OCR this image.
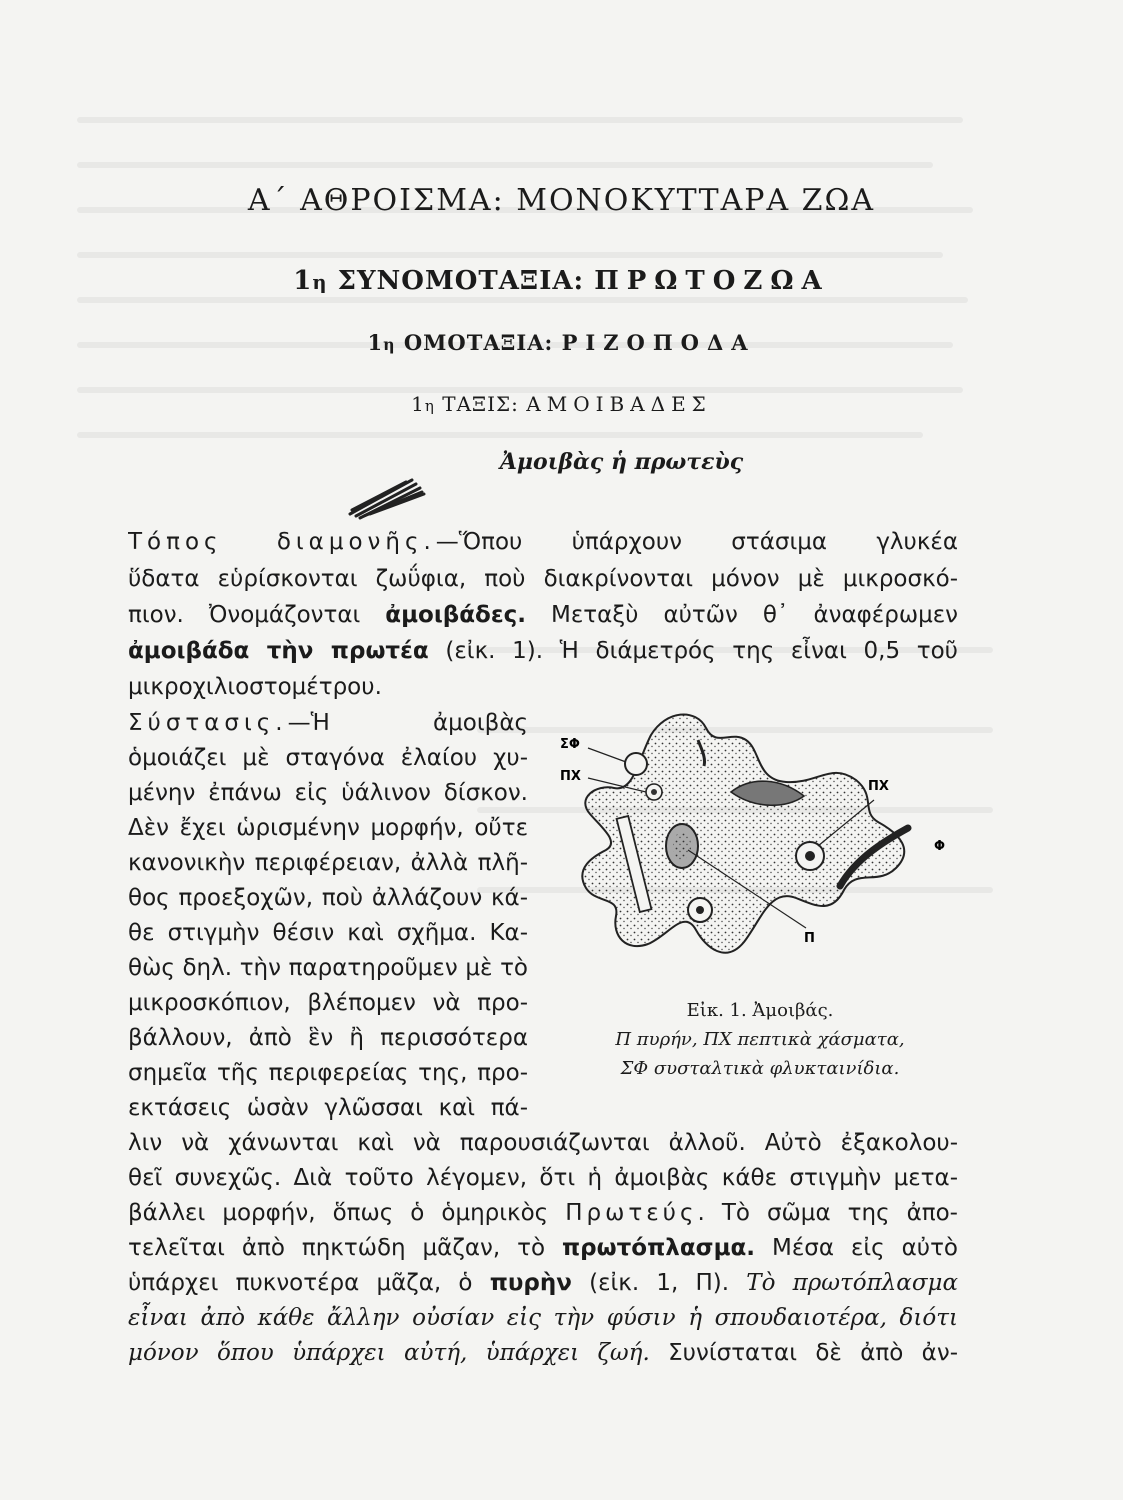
Α΄ ΑΘΡΟΙΣΜΑ: ΜΟΝΟΚΥΤΤΑΡΑ ΖΩΑ
1η ΣΥΝΟΜΟΤΑΞΙΑ: ΠΡΩΤΟΖΩΑ
1η ΟΜΟΤΑΞΙΑ: ΡΙΖΟΠΟΔΑ
1η ΤΑΞΙΣ: ΑΜΟΙΒΑΔΕΣ
Ἀμοιβὰς ἡ πρωτεὺς
Τόπος διαμονῆς.—Ὅπου ὑπάρχουν στάσιμα γλυκέα
ὕδατα εὑρίσκονται ζωΰφια, ποὺ διακρίνονται μόνον μὲ μικροσκό-
πιον. Ὀνομάζονται ἀμοιβάδες. Μεταξὺ αὐτῶν θ᾽ ἀναφέρωμεν
ἀμοιβάδα τὴν πρωτέα (εἰκ. 1). Ἡ διάμετρός της εἶναι 0,5 τοῦ
μικροχιλιοστομέτρου.
Σύστασις.—Ἡ ἀμοιβὰς
ὁμοιάζει μὲ σταγόνα ἐλαίου χυ-
μένην ἐπάνω εἰς ὑάλινον δίσκον.
Δὲν ἔχει ὡρισμένην μορφήν, οὔτε
κανονικὴν περιφέρειαν, ἀλλὰ πλῆ-
θος προεξοχῶν, ποὺ ἀλλάζουν κά-
θε στιγμὴν θέσιν καὶ σχῆμα. Κα-
θὼς δηλ. τὴν παρατηροῦμεν μὲ τὸ
μικροσκόπιον, βλέπομεν νὰ προ-
βάλλουν, ἀπὸ ἓν ἢ περισσότερα
σημεῖα τῆς περιφερείας της, προ-
εκτάσεις ὡσὰν γλῶσσαι καὶ πά-
λιν νὰ χάνωνται καὶ νὰ παρουσιάζωνται ἀλλοῦ. Αὐτὸ ἐξακολου-
θεῖ συνεχῶς. Διὰ τοῦτο λέγομεν, ὅτι ἡ ἀμοιβὰς κάθε στιγμὴν μετα-
βάλλει μορφήν, ὅπως ὁ ὁμηρικὸς Πρωτεύς. Τὸ σῶμα της ἀπο-
τελεῖται ἀπὸ πηκτώδη μᾶζαν, τὸ πρωτόπλασμα. Μέσα εἰς αὐτὸ
ὑπάρχει πυκνοτέρα μᾶζα, ὁ πυρὴν (εἰκ. 1, Π). Τὸ πρωτόπλασμα
εἶναι ἀπὸ κάθε ἄλλην οὐσίαν εἰς τὴν φύσιν ἡ σπουδαιοτέρα, διότι
μόνον ὅπου ὑπάρχει αὐτή, ὑπάρχει ζωή. Συνίσταται δὲ ἀπὸ ἀν-
ΣΦ
ΠΧ
ΠΧ
Φ
Π
Εἰκ. 1. Ἀμοιβάς.
Π πυρήν, ΠΧ πεπτικὰ χάσματα,
ΣΦ συσταλτικὰ φλυκταινίδια.
